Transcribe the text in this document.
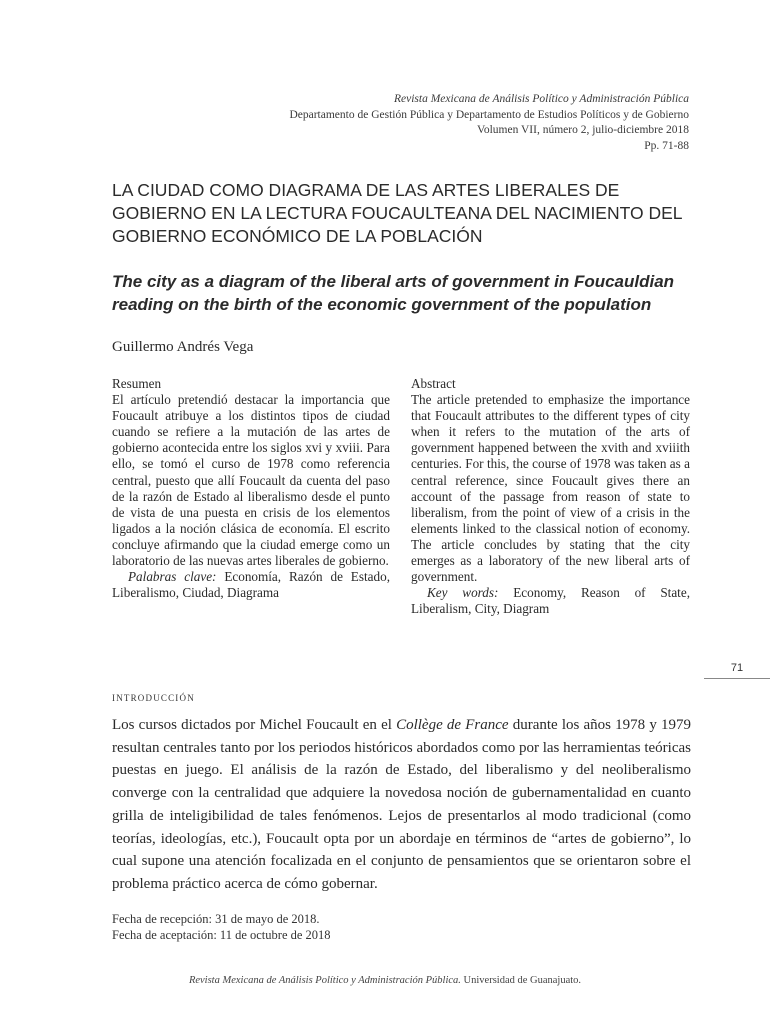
Revista Mexicana de Análisis Político y Administración Pública
Departamento de Gestión Pública y Departamento de Estudios Políticos y de Gobierno
Volumen VII, número 2, julio-diciembre 2018
Pp. 71-88
LA CIUDAD COMO DIAGRAMA DE LAS ARTES LIBERALES DE GOBIERNO EN LA LECTURA FOUCAULTEANA DEL NACIMIENTO DEL GOBIERNO ECONÓMICO DE LA POBLACIÓN
The city as a diagram of the liberal arts of government in Foucauldian reading on the birth of the economic government of the population
Guillermo Andrés Vega
Resumen

El artículo pretendió destacar la importancia que Foucault atribuye a los distintos tipos de ciudad cuando se refiere a la mutación de las artes de gobierno acontecida entre los siglos xvi y xviii. Para ello, se tomó el curso de 1978 como referencia central, puesto que allí Foucault da cuenta del paso de la razón de Estado al liberalismo desde el punto de vista de una puesta en crisis de los elementos ligados a la noción clásica de economía. El escrito concluye afirmando que la ciudad emerge como un laboratorio de las nuevas artes liberales de gobierno.

Palabras clave: Economía, Razón de Estado, Liberalismo, Ciudad, Diagrama

Abstract

The article pretended to emphasize the importance that Foucault attributes to the different types of city when it refers to the mutation of the arts of government happened between the xvith and xviiith centuries. For this, the course of 1978 was taken as a central reference, since Foucault gives there an account of the passage from reason of state to liberalism, from the point of view of a crisis in the elements linked to the classical notion of economy. The article concludes by stating that the city emerges as a laboratory of the new liberal arts of government.

Key words: Economy, Reason of State, Liberalism, City, Diagram

71
introducción

Los cursos dictados por Michel Foucault en el Collège de France durante los años 1978 y 1979 resultan centrales tanto por los periodos históricos abordados como por las herramientas teóricas puestas en juego. El análisis de la razón de Estado, del liberalismo y del neoliberalismo converge con la centralidad que adquiere la novedosa noción de gubernamentalidad en cuanto grilla de inteligibilidad de tales fenómenos. Lejos de presentarlos al modo tradicional (como teorías, ideologías, etc.), Foucault opta por un abordaje en términos de “artes de gobierno”, lo cual supone una atención focalizada en el conjunto de pensamientos que se orientaron sobre el problema práctico acerca de cómo gobernar.

Fecha de recepción: 31 de mayo de 2018.
Fecha de aceptación: 11 de octubre de 2018
Revista Mexicana de Análisis Político y Administración Pública. Universidad de Guanajuato.
